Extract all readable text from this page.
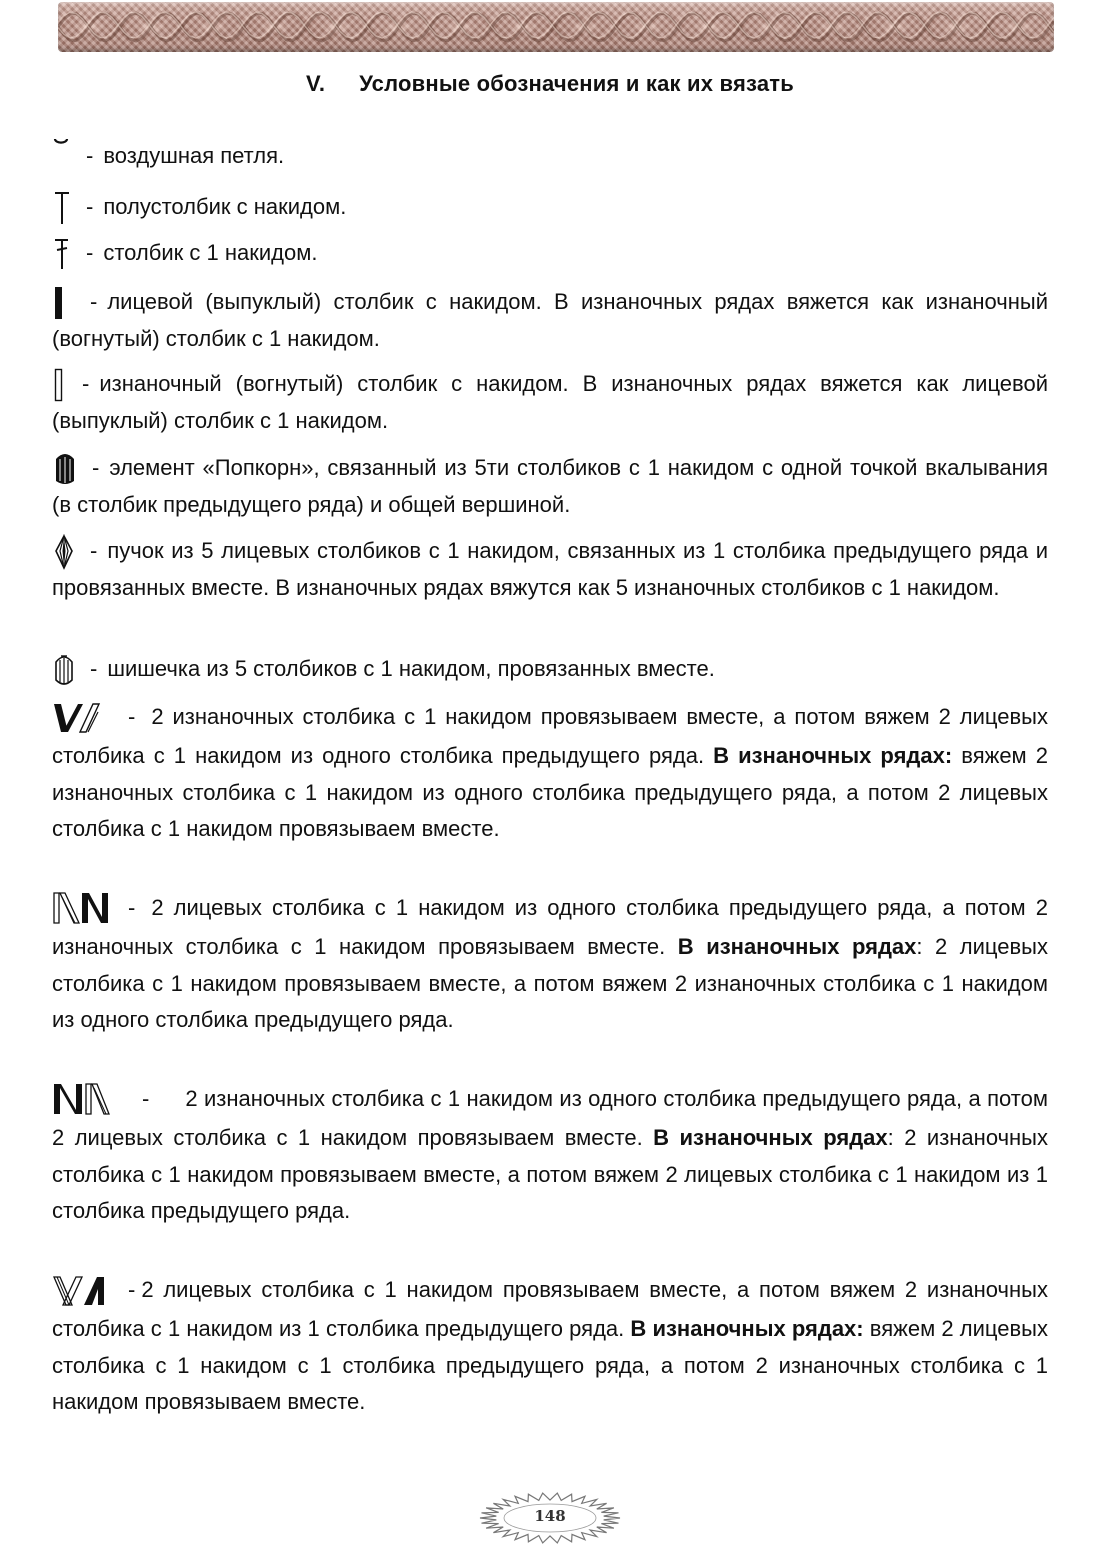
V. Условные обозначения и как их вязать
- воздушная петля.
- полустолбик с накидом.
- столбик с 1 накидом.
- лицевой (выпуклый) столбик с накидом. В изнаночных рядах вяжется как изнаночный (вогнутый) столбик с 1 накидом.
- изнаночный (вогнутый) столбик с накидом. В изнаночных рядах вяжется как лицевой (выпуклый) столбик с 1 накидом.
- элемент «Попкорн», связанный из 5ти столбиков с 1 накидом с одной точкой вкалывания (в столбик предыдущего ряда) и общей вершиной.
- пучок из 5 лицевых столбиков с 1 накидом, связанных из 1 столбика предыдущего ряда и провязанных вместе. В изнаночных рядах вяжутся как 5 изнаночных столбиков с 1 накидом.
- шишечка из 5 столбиков с 1 накидом, провязанных вместе.
- 2 изнаночных столбика с 1 накидом провязываем вместе, а потом вяжем 2 лицевых столбика с 1 накидом из одного столбика предыдущего ряда. В изнаночных рядах: вяжем 2 изнаночных столбика с 1 накидом из одного столбика предыдущего ряда, а потом 2 лицевых столбика с 1 накидом провязываем вместе.
- 2 лицевых столбика с 1 накидом из одного столбика предыдущего ряда, а потом 2 изнаночных столбика с 1 накидом провязываем вместе. В изнаночных рядах: 2 лицевых столбика с 1 накидом провязываем вместе, а потом вяжем 2 изнаночных столбика с 1 накидом из одного столбика предыдущего ряда.
- 2 изнаночных столбика с 1 накидом из одного столбика предыдущего ряда, а потом 2 лицевых столбика с 1 накидом провязываем вместе. В изнаночных рядах: 2 изнаночных столбика с 1 накидом провязываем вместе, а потом вяжем 2 лицевых столбика с 1 накидом из 1 столбика предыдущего ряда.
- 2 лицевых столбика с 1 накидом провязываем вместе, а потом вяжем 2 изнаночных столбика с 1 накидом из 1 столбика предыдущего ряда. В изнаночных рядах: вяжем 2 лицевых столбика с 1 накидом с 1 столбика предыдущего ряда, а потом 2 изнаночных столбика с 1 накидом провязываем вместе.
148
